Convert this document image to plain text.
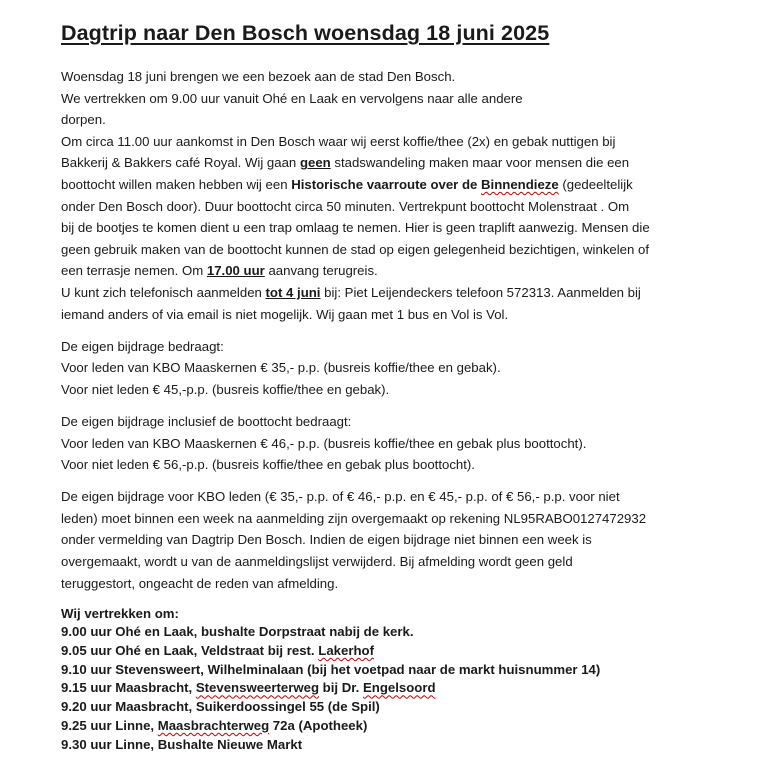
Dagtrip naar Den Bosch woensdag 18 juni 2025

Woensdag 18 juni brengen we een bezoek aan de stad Den Bosch.
We vertrekken om 9.00 uur vanuit Ohé en Laak en vervolgens naar alle andere
dorpen.
Om circa 11.00 uur aankomst in Den Bosch waar wij eerst koffie/thee (2x) en gebak nuttigen bij
Bakkerij & Bakkers café Royal. Wij gaan geen stadswandeling maken maar voor mensen die een
boottocht willen maken hebben wij een Historische vaarroute over de Binnendieze (gedeeltelijk
onder Den Bosch door). Duur boottocht circa 50 minuten. Vertrekpunt boottocht Molenstraat . Om
bij de bootjes te komen dient u een trap omlaag te nemen. Hier is geen traplift aanwezig. Mensen die
geen gebruik maken van de boottocht kunnen de stad op eigen gelegenheid bezichtigen, winkelen of
een terrasje nemen. Om 17.00 uur aanvang terugreis.
U kunt zich telefonisch aanmelden tot 4 juni bij: Piet Leijendeckers telefoon 572313. Aanmelden bij
iemand anders of via email is niet mogelijk. Wij gaan met 1 bus en Vol is Vol.

De eigen bijdrage bedraagt:
Voor leden van KBO Maaskernen € 35,- p.p. (busreis koffie/thee en gebak).
Voor niet leden € 45,-p.p. (busreis koffie/thee en gebak).

De eigen bijdrage inclusief de boottocht bedraagt:
Voor leden van KBO Maaskernen € 46,- p.p. (busreis koffie/thee en gebak plus boottocht).
Voor niet leden € 56,-p.p. (busreis koffie/thee en gebak plus boottocht).

De eigen bijdrage voor KBO leden (€ 35,- p.p. of € 46,- p.p. en € 45,- p.p. of € 56,- p.p. voor niet
leden) moet binnen een week na aanmelding zijn overgemaakt op rekening NL95RABO0127472932
onder vermelding van Dagtrip Den Bosch. Indien de eigen bijdrage niet binnen een week is
overgemaakt, wordt u van de aanmeldingslijst verwijderd. Bij afmelding wordt geen geld
teruggestort, ongeacht de reden van afmelding.

Wij vertrekken om:
9.00 uur Ohé en Laak, bushalte Dorpstraat nabij de kerk.
9.05 uur Ohé en Laak, Veldstraat bij rest. Lakerhof
9.10 uur Stevensweert, Wilhelminalaan (bij het voetpad naar de markt huisnummer 14)
9.15 uur Maasbracht, Stevensweerterweg bij Dr. Engelsoord
9.20 uur Maasbracht, Suikerdoossingel 55 (de Spil)
9.25 uur Linne, Maasbrachterweg 72a (Apotheek)
9.30 uur Linne, Bushalte Nieuwe Markt
